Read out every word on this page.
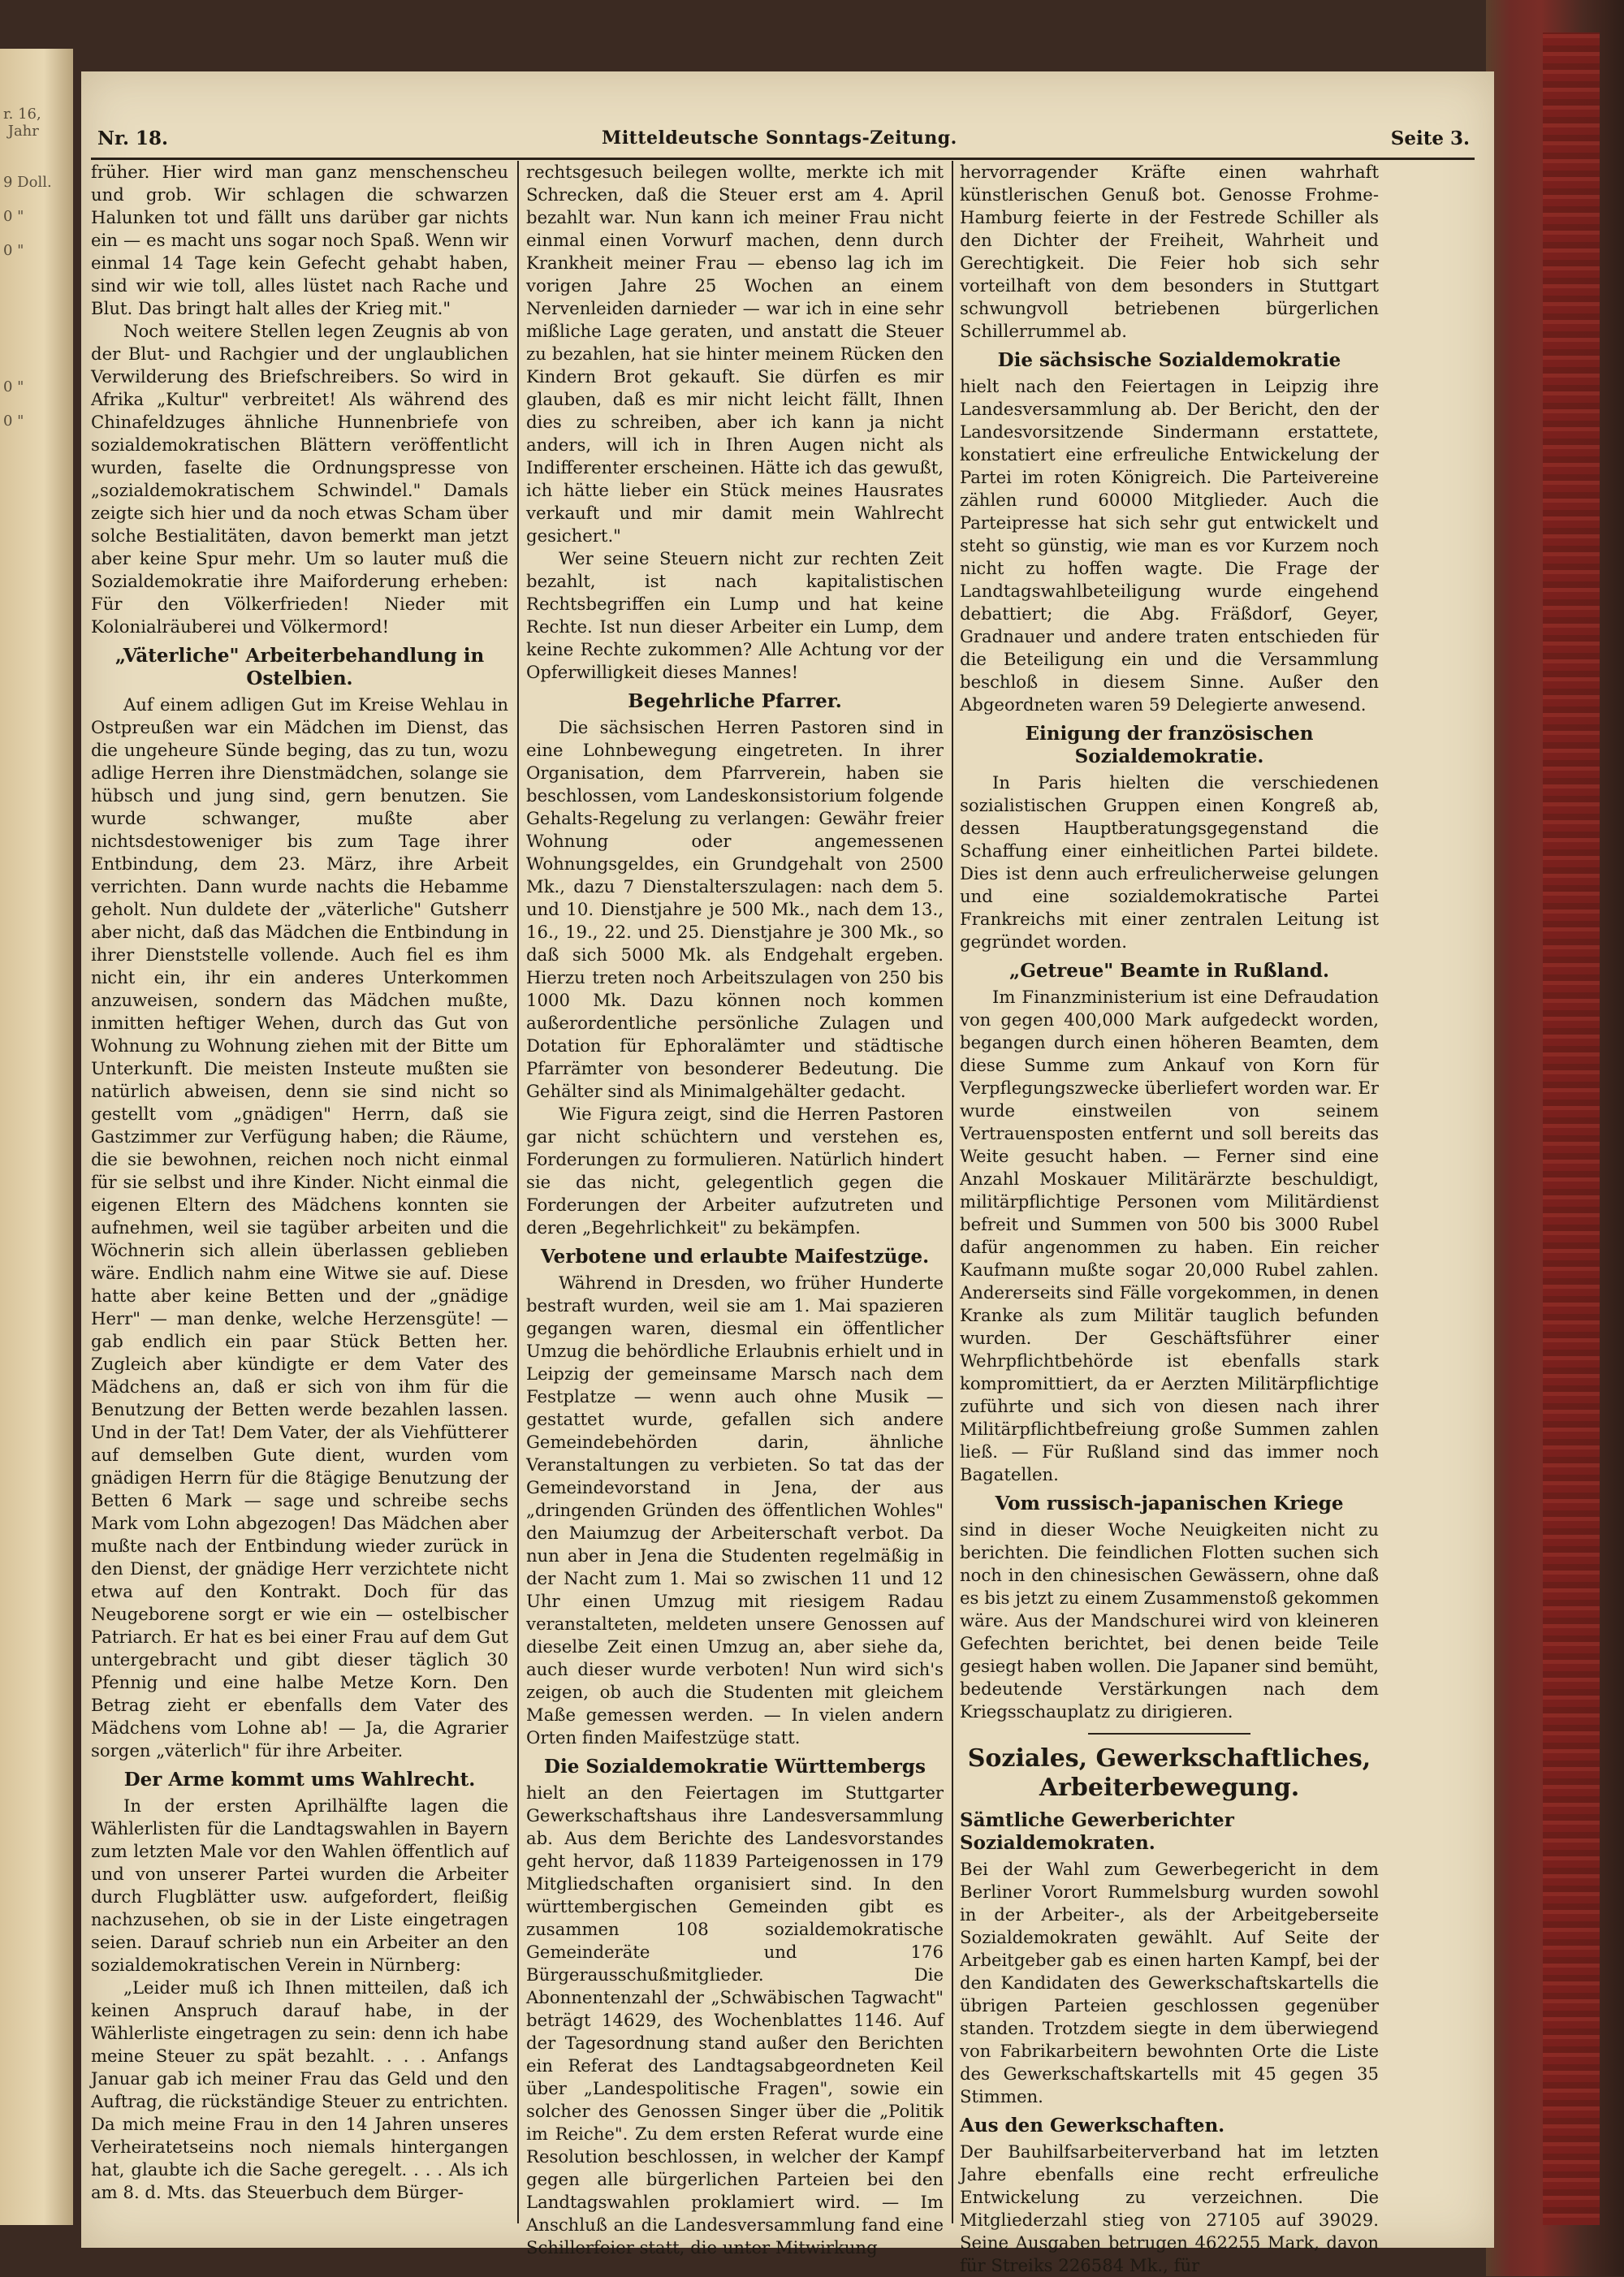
r. 16,
Jahr

9 Doll.

0 "

0 "

0 "

0 "
Nr. 18.	Mitteldeutsche Sonntags-Zeitung.	Seite 3.

früher. Hier wird man ganz menschenscheu und grob. Wir schlagen die schwarzen Halunken tot und fällt uns darüber gar nichts ein — es macht uns sogar noch Spaß. Wenn wir einmal 14 Tage kein Gefecht gehabt haben, sind wir wie toll, alles lüstet nach Rache und Blut. Das bringt halt alles der Krieg mit."

Noch weitere Stellen legen Zeugnis ab von der Blut- und Rachgier und der unglaublichen Verwilderung des Briefschreibers. So wird in Afrika „Kultur" verbreitet! Als während des Chinafeldzuges ähnliche Hunnenbriefe von sozialdemokratischen Blättern veröffentlicht wurden, faselte die Ordnungspresse von „sozialdemokratischem Schwindel." Damals zeigte sich hier und da noch etwas Scham über solche Bestialitäten, davon bemerkt man jetzt aber keine Spur mehr. Um so lauter muß die Sozialdemokratie ihre Maiforderung erheben: Für den Völkerfrieden! Nieder mit Kolonialräuberei und Völkermord!

„Väterliche" Arbeiterbehandlung in Ostelbien.

Auf einem adligen Gut im Kreise Wehlau in Ostpreußen war ein Mädchen im Dienst, das die ungeheure Sünde beging, das zu tun, wozu adlige Herren ihre Dienstmädchen, solange sie hübsch und jung sind, gern benutzen. Sie wurde schwanger, mußte aber nichtsdestoweniger bis zum Tage ihrer Entbindung, dem 23. März, ihre Arbeit verrichten. Dann wurde nachts die Hebamme geholt. Nun duldete der „väterliche" Gutsherr aber nicht, daß das Mädchen die Entbindung in ihrer Dienststelle vollende. Auch fiel es ihm nicht ein, ihr ein anderes Unterkommen anzuweisen, sondern das Mädchen mußte, inmitten heftiger Wehen, durch das Gut von Wohnung zu Wohnung ziehen mit der Bitte um Unterkunft. Die meisten Insteute mußten sie natürlich abweisen, denn sie sind nicht so gestellt vom „gnädigen" Herrn, daß sie Gastzimmer zur Verfügung haben; die Räume, die sie bewohnen, reichen noch nicht einmal für sie selbst und ihre Kinder. Nicht einmal die eigenen Eltern des Mädchens konnten sie aufnehmen, weil sie tagüber arbeiten und die Wöchnerin sich allein überlassen geblieben wäre. Endlich nahm eine Witwe sie auf. Diese hatte aber keine Betten und der „gnädige Herr" — man denke, welche Herzensgüte! — gab endlich ein paar Stück Betten her. Zugleich aber kündigte er dem Vater des Mädchens an, daß er sich von ihm für die Benutzung der Betten werde bezahlen lassen. Und in der Tat! Dem Vater, der als Viehfütterer auf demselben Gute dient, wurden vom gnädigen Herrn für die 8tägige Benutzung der Betten 6 Mark — sage und schreibe sechs Mark vom Lohn abgezogen! Das Mädchen aber mußte nach der Entbindung wieder zurück in den Dienst, der gnädige Herr verzichtete nicht etwa auf den Kontrakt. Doch für das Neugeborene sorgt er wie ein — ostelbischer Patriarch. Er hat es bei einer Frau auf dem Gut untergebracht und gibt dieser täglich 30 Pfennig und eine halbe Metze Korn. Den Betrag zieht er ebenfalls dem Vater des Mädchens vom Lohne ab! — Ja, die Agrarier sorgen „väterlich" für ihre Arbeiter.

Der Arme kommt ums Wahlrecht.

In der ersten Aprilhälfte lagen die Wählerlisten für die Landtagswahlen in Bayern zum letzten Male vor den Wahlen öffentlich auf und von unserer Partei wurden die Arbeiter durch Flugblätter usw. aufgefordert, fleißig nachzusehen, ob sie in der Liste eingetragen seien. Darauf schrieb nun ein Arbeiter an den sozialdemokratischen Verein in Nürnberg:

„Leider muß ich Ihnen mitteilen, daß ich keinen Anspruch darauf habe, in der Wählerliste eingetragen zu sein: denn ich habe meine Steuer zu spät bezahlt. . . . Anfangs Januar gab ich meiner Frau das Geld und den Auftrag, die rückständige Steuer zu entrichten. Da mich meine Frau in den 14 Jahren unseres Verheiratetseins noch niemals hintergangen hat, glaubte ich die Sache geregelt. . . . Als ich am 8. d. Mts. das Steuerbuch dem Bürger-

rechtsgesuch beilegen wollte, merkte ich mit Schrecken, daß die Steuer erst am 4. April bezahlt war. Nun kann ich meiner Frau nicht einmal einen Vorwurf machen, denn durch Krankheit meiner Frau — ebenso lag ich im vorigen Jahre 25 Wochen an einem Nervenleiden darnieder — war ich in eine sehr mißliche Lage geraten, und anstatt die Steuer zu bezahlen, hat sie hinter meinem Rücken den Kindern Brot gekauft. Sie dürfen es mir glauben, daß es mir nicht leicht fällt, Ihnen dies zu schreiben, aber ich kann ja nicht anders, will ich in Ihren Augen nicht als Indifferenter erscheinen. Hätte ich das gewußt, ich hätte lieber ein Stück meines Hausrates verkauft und mir damit mein Wahlrecht gesichert."

Wer seine Steuern nicht zur rechten Zeit bezahlt, ist nach kapitalistischen Rechtsbegriffen ein Lump und hat keine Rechte. Ist nun dieser Arbeiter ein Lump, dem keine Rechte zukommen? Alle Achtung vor der Opferwilligkeit dieses Mannes!

Begehrliche Pfarrer.

Die sächsischen Herren Pastoren sind in eine Lohnbewegung eingetreten. In ihrer Organisation, dem Pfarrverein, haben sie beschlossen, vom Landeskonsistorium folgende Gehalts-Regelung zu verlangen: Gewähr freier Wohnung oder angemessenen Wohnungsgeldes, ein Grundgehalt von 2500 Mk., dazu 7 Dienstalterszulagen: nach dem 5. und 10. Dienstjahre je 500 Mk., nach dem 13., 16., 19., 22. und 25. Dienstjahre je 300 Mk., so daß sich 5000 Mk. als Endgehalt ergeben. Hierzu treten noch Arbeitszulagen von 250 bis 1000 Mk. Dazu können noch kommen außerordentliche persönliche Zulagen und Dotation für Ephoralämter und städtische Pfarrämter von besonderer Bedeutung. Die Gehälter sind als Minimalgehälter gedacht.

Wie Figura zeigt, sind die Herren Pastoren gar nicht schüchtern und verstehen es, Forderungen zu formulieren. Natürlich hindert sie das nicht, gelegentlich gegen die Forderungen der Arbeiter aufzutreten und deren „Begehrlichkeit" zu bekämpfen.

Verbotene und erlaubte Maifestzüge.

Während in Dresden, wo früher Hunderte bestraft wurden, weil sie am 1. Mai spazieren gegangen waren, diesmal ein öffentlicher Umzug die behördliche Erlaubnis erhielt und in Leipzig der gemeinsame Marsch nach dem Festplatze — wenn auch ohne Musik — gestattet wurde, gefallen sich andere Gemeindebehörden darin, ähnliche Veranstaltungen zu verbieten. So tat das der Gemeindevorstand in Jena, der aus „dringenden Gründen des öffentlichen Wohles" den Maiumzug der Arbeiterschaft verbot. Da nun aber in Jena die Studenten regelmäßig in der Nacht zum 1. Mai so zwischen 11 und 12 Uhr einen Umzug mit riesigem Radau veranstalteten, meldeten unsere Genossen auf dieselbe Zeit einen Umzug an, aber siehe da, auch dieser wurde verboten! Nun wird sich's zeigen, ob auch die Studenten mit gleichem Maße gemessen werden. — In vielen andern Orten finden Maifestzüge statt.

Die Sozialdemokratie Württembergs

hielt an den Feiertagen im Stuttgarter Gewerkschaftshaus ihre Landesversammlung ab. Aus dem Berichte des Landesvorstandes geht hervor, daß 11839 Parteigenossen in 179 Mitgliedschaften organisiert sind. In den württembergischen Gemeinden gibt es zusammen 108 sozialdemokratische Gemeinderäte und 176 Bürgerausschußmitglieder. Die Abonnentenzahl der „Schwäbischen Tagwacht" beträgt 14629, des Wochenblattes 1146. Auf der Tagesordnung stand außer den Berichten ein Referat des Landtagsabgeordneten Keil über „Landespolitische Fragen", sowie ein solcher des Genossen Singer über die „Politik im Reiche". Zu dem ersten Referat wurde eine Resolution beschlossen, in welcher der Kampf gegen alle bürgerlichen Parteien bei den Landtagswahlen proklamiert wird. — Im Anschluß an die Landesversammlung fand eine Schillerfeier statt, die unter Mitwirkung

hervorragender Kräfte einen wahrhaft künstlerischen Genuß bot. Genosse Frohme-Hamburg feierte in der Festrede Schiller als den Dichter der Freiheit, Wahrheit und Gerechtigkeit. Die Feier hob sich sehr vorteilhaft von dem besonders in Stuttgart schwungvoll betriebenen bürgerlichen Schillerrummel ab.

Die sächsische Sozialdemokratie

hielt nach den Feiertagen in Leipzig ihre Landesversammlung ab. Der Bericht, den der Landesvorsitzende Sindermann erstattete, konstatiert eine erfreuliche Entwickelung der Partei im roten Königreich. Die Parteivereine zählen rund 60000 Mitglieder. Auch die Parteipresse hat sich sehr gut entwickelt und steht so günstig, wie man es vor Kurzem noch nicht zu hoffen wagte. Die Frage der Landtagswahlbeteiligung wurde eingehend debattiert; die Abg. Fräßdorf, Geyer, Gradnauer und andere traten entschieden für die Beteiligung ein und die Versammlung beschloß in diesem Sinne. Außer den Abgeordneten waren 59 Delegierte anwesend.

Einigung der französischen Sozialdemokratie.

In Paris hielten die verschiedenen sozialistischen Gruppen einen Kongreß ab, dessen Hauptberatungsgegenstand die Schaffung einer einheitlichen Partei bildete. Dies ist denn auch erfreulicherweise gelungen und eine sozialdemokratische Partei Frankreichs mit einer zentralen Leitung ist gegründet worden.

„Getreue" Beamte in Rußland.

Im Finanzministerium ist eine Defraudation von gegen 400,000 Mark aufgedeckt worden, begangen durch einen höheren Beamten, dem diese Summe zum Ankauf von Korn für Verpflegungszwecke überliefert worden war. Er wurde einstweilen von seinem Vertrauensposten entfernt und soll bereits das Weite gesucht haben. — Ferner sind eine Anzahl Moskauer Militärärzte beschuldigt, militärpflichtige Personen vom Militärdienst befreit und Summen von 500 bis 3000 Rubel dafür angenommen zu haben. Ein reicher Kaufmann mußte sogar 20,000 Rubel zahlen. Andererseits sind Fälle vorgekommen, in denen Kranke als zum Militär tauglich befunden wurden. Der Geschäftsführer einer Wehrpflichtbehörde ist ebenfalls stark kompromittiert, da er Aerzten Militärpflichtige zuführte und sich von diesen nach ihrer Militärpflichtbefreiung große Summen zahlen ließ. — Für Rußland sind das immer noch Bagatellen.

Vom russisch-japanischen Kriege

sind in dieser Woche Neuigkeiten nicht zu berichten. Die feindlichen Flotten suchen sich noch in den chinesischen Gewässern, ohne daß es bis jetzt zu einem Zusammenstoß gekommen wäre. Aus der Mandschurei wird von kleineren Gefechten berichtet, bei denen beide Teile gesiegt haben wollen. Die Japaner sind bemüht, bedeutende Verstärkungen nach dem Kriegsschauplatz zu dirigieren.

Soziales, Gewerkschaftliches, Arbeiterbewegung.
Sämtliche Gewerberichter Sozialdemokraten.

Bei der Wahl zum Gewerbegericht in dem Berliner Vorort Rummelsburg wurden sowohl in der Arbeiter-, als der Arbeitgeberseite Sozialdemokraten gewählt. Auf Seite der Arbeitgeber gab es einen harten Kampf, bei der den Kandidaten des Gewerkschaftskartells die übrigen Parteien geschlossen gegenüber standen. Trotzdem siegte in dem überwiegend von Fabrikarbeitern bewohnten Orte die Liste des Gewerkschaftskartells mit 45 gegen 35 Stimmen.

Aus den Gewerkschaften.

Der Bauhilfsarbeiterverband hat im letzten Jahre ebenfalls eine recht erfreuliche Entwickelung zu verzeichnen. Die Mitgliederzahl stieg von 27105 auf 39029. Seine Ausgaben betrugen 462255 Mark, davon für Streiks 226584 Mk., für
